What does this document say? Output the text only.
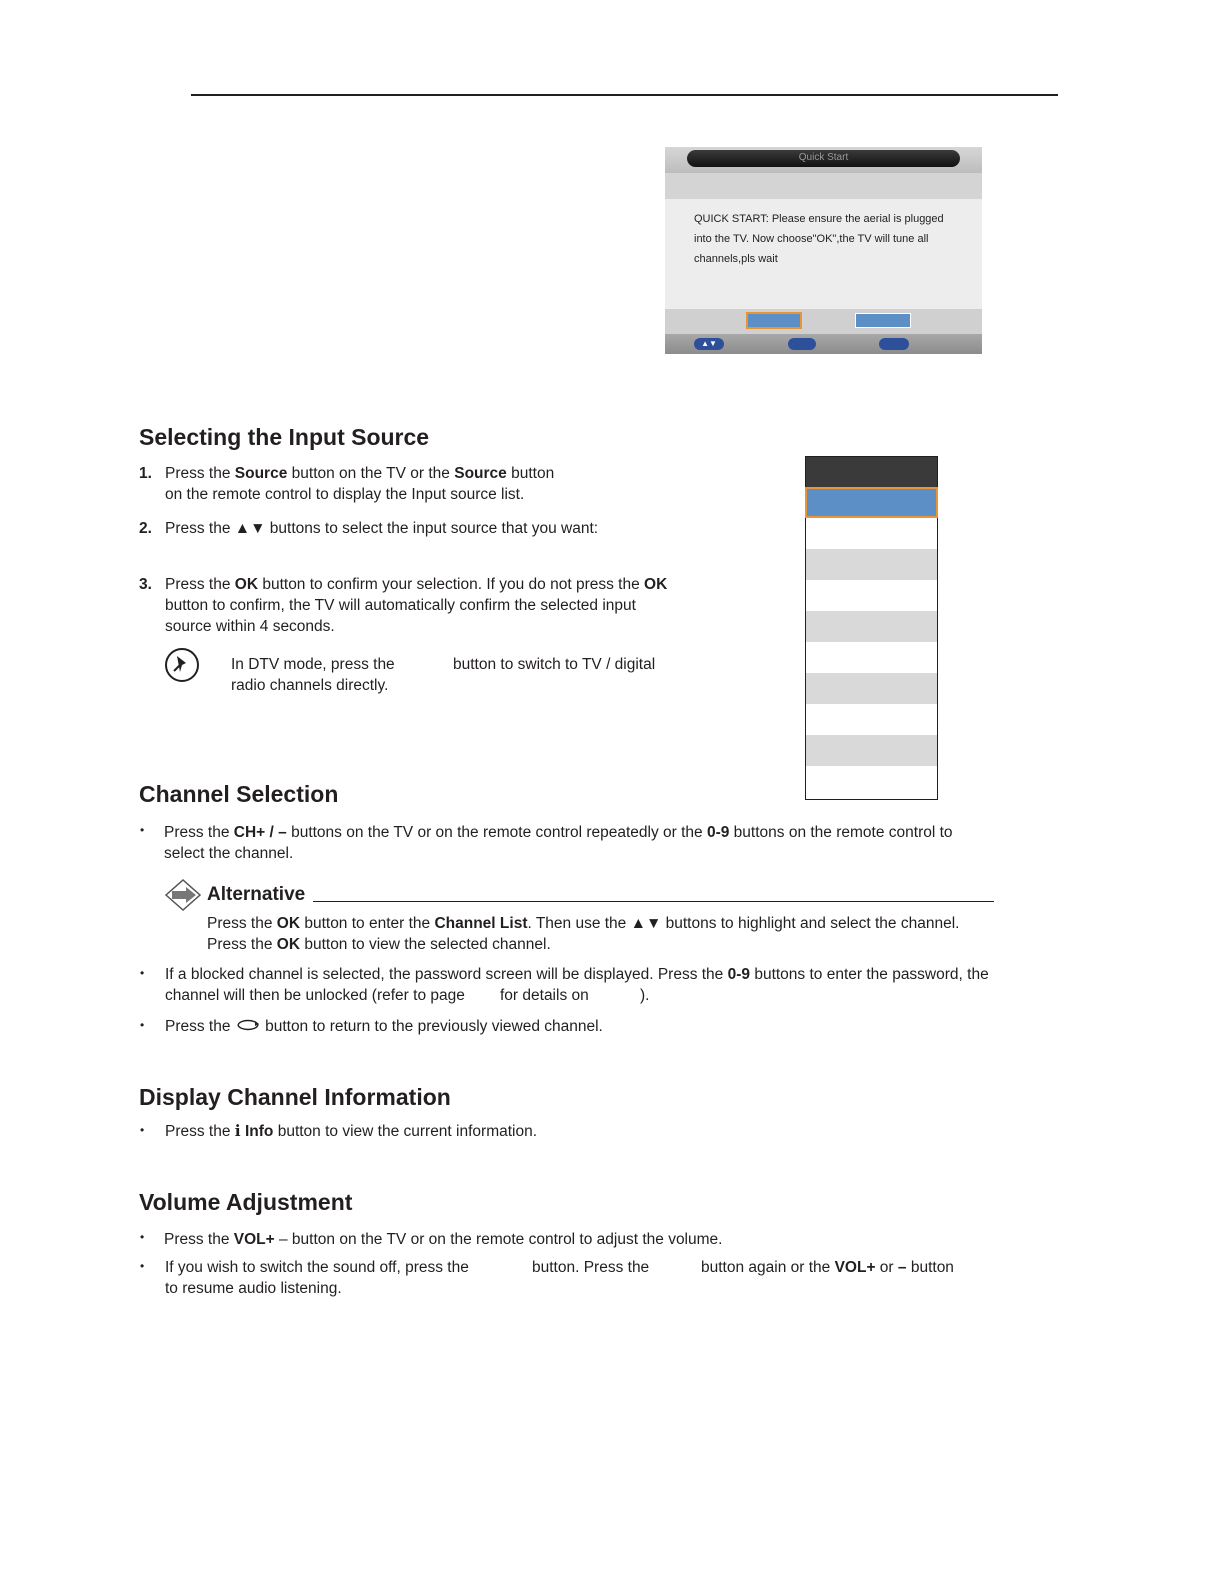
Quick Start
QUICK START: Please ensure the aerial is plugged
into the TV. Now choose"OK",the TV will tune all
channels,pls wait
▲▼
Selecting the Input Source
1. Press the Source button on the TV or the Source button
on the remote control to display the Input source list.
2. Press the ▲▼ buttons to select the input source that you want:
3. Press the OK button to confirm your selection. If you do not press the OK
button to confirm, the TV will automatically confirm the selected input
source within 4 seconds.
In DTV mode, press the	button to switch to TV / digital
radio channels directly.
Channel Selection
• Press the CH+ / – buttons on the TV or on the remote control repeatedly or the 0-9 buttons on the remote control to
select the channel.
Alternative
Press the OK button to enter the Channel List. Then use the ▲▼ buttons to highlight and select the channel.
Press the OK button to view the selected channel.
• If a blocked channel is selected, the password screen will be displayed. Press the 0-9 buttons to enter the password, the
channel will then be unlocked (refer to page	for details on	).
• Press the  button to return to the previously viewed channel.
Display Channel Information
• Press the ℹ Info button to view the current information.
Volume Adjustment
• Press the VOL+ – button on the TV or on the remote control to adjust the volume.
• If you wish to switch the sound off, press the	button. Press the	button again or the VOL+ or – button
to resume audio listening.
